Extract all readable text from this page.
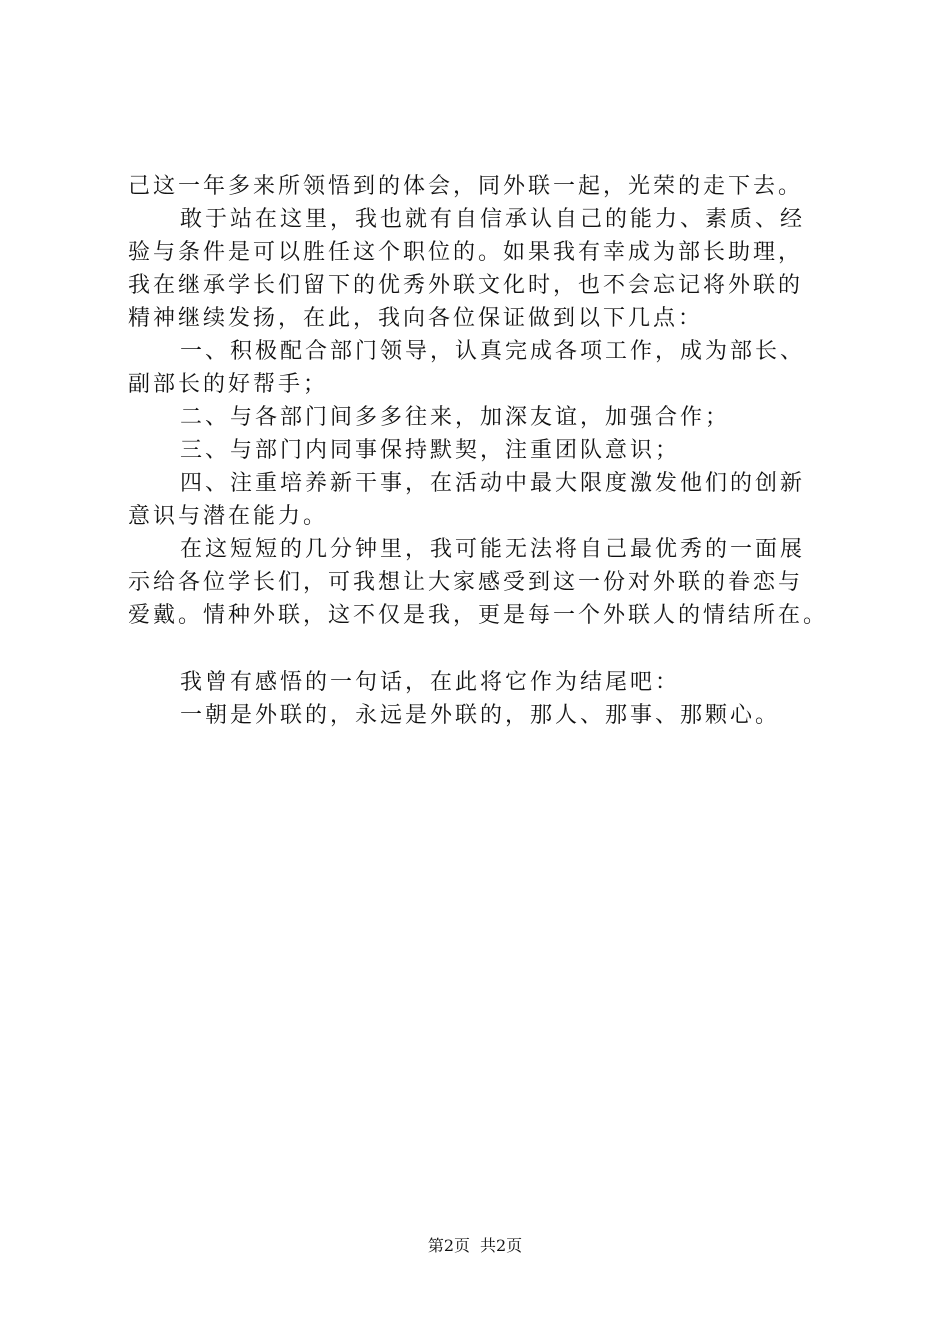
己这一年多来所领悟到的体会，同外联一起，光荣的走下去。
敢于站在这里，我也就有自信承认自己的能力、素质、经
验与条件是可以胜任这个职位的。如果我有幸成为部长助理，
我在继承学长们留下的优秀外联文化时，也不会忘记将外联的
精神继续发扬，在此，我向各位保证做到以下几点：
一、积极配合部门领导，认真完成各项工作，成为部长、
副部长的好帮手；
二、与各部门间多多往来，加深友谊，加强合作；
三、与部门内同事保持默契，注重团队意识；
四、注重培养新干事，在活动中最大限度激发他们的创新
意识与潜在能力。
在这短短的几分钟里，我可能无法将自己最优秀的一面展
示给各位学长们，可我想让大家感受到这一份对外联的眷恋与
爱戴。情种外联，这不仅是我，更是每一个外联人的情结所在。
我曾有感悟的一句话，在此将它作为结尾吧：
一朝是外联的，永远是外联的，那人、那事、那颗心。
第2页 共2页
